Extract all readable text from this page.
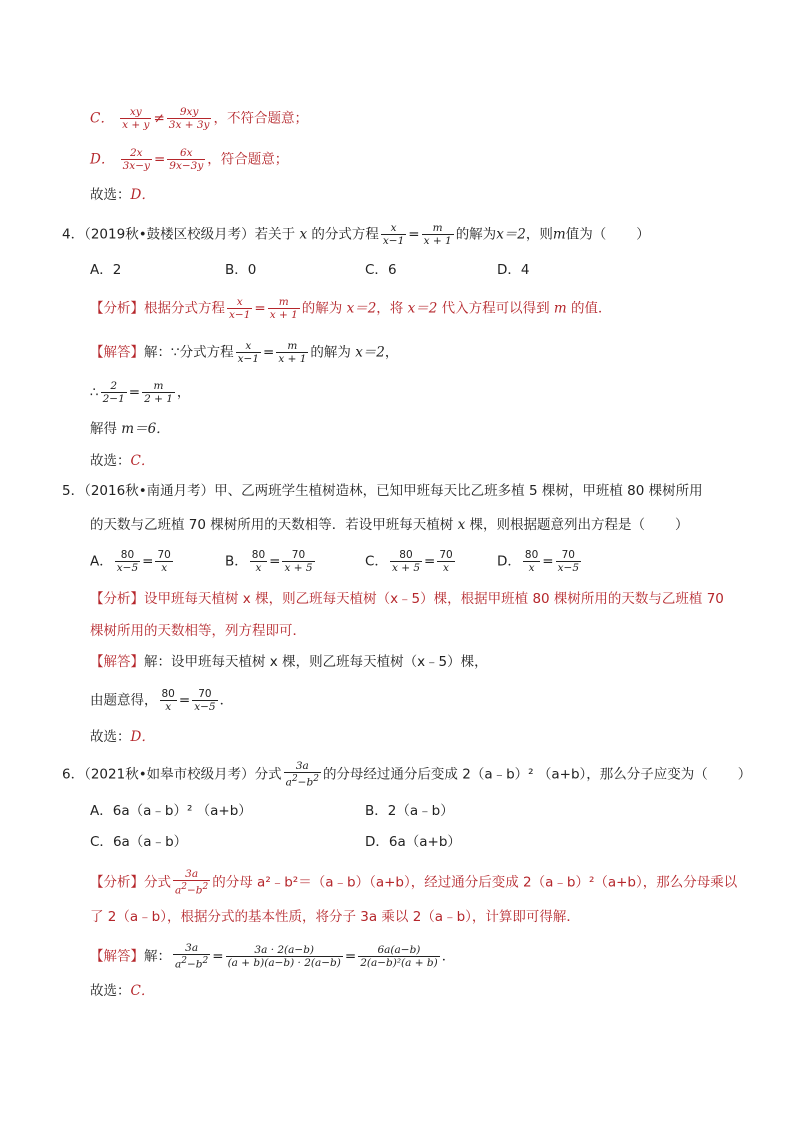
C． $\frac{xy}{x + y} \ne \frac{9xy}{3x + 3y}$ ，不符合题意；
D． $\frac{2x}{3x-y} = \frac{6x}{9x-3y}$ ，符合题意；
故选：D．
4．（2019秋•鼓楼区校级月考）若关于 x 的分式方程 $\frac{x}{x-1} = \frac{m}{x + 1}$ 的解为x＝2，则m值为（ ）
A．2	B．0	C．6	D．4
【分析】根据分式方程 $\frac{x}{x-1} = \frac{m}{x + 1}$ 的解为 x＝2，将 x＝2 代入方程可以得到 m 的值．
【解答】解：∵分式方程 $\frac{x}{x-1} = \frac{m}{x + 1}$ 的解为 x＝2，
∴ $\frac{2}{2-1} = \frac{m}{2 + 1}$ ，
解得 m＝6．
故选：C．
5．（2016秋•南通月考）甲、乙两班学生植树造林，已知甲班每天比乙班多植 5 棵树，甲班植 80 棵树所用
的天数与乙班植 70 棵树所用的天数相等．若设甲班每天植树 x 棵，则根据题意列出方程是（ ）
A． $\frac{80}{x-5} = \frac{70}{x}$	B． $\frac{80}{x} = \frac{70}{x + 5}$	C． $\frac{80}{x + 5} = \frac{70}{x}$	D． $\frac{80}{x} = \frac{70}{x-5}$
【分析】设甲班每天植树 x 棵，则乙班每天植树（x﹣5）棵，根据甲班植 80 棵树所用的天数与乙班植 70
棵树所用的天数相等，列方程即可．
【解答】解：设甲班每天植树 x 棵，则乙班每天植树（x﹣5）棵，
由题意得， $\frac{80}{x} = \frac{70}{x-5}$ ．
故选：D．
6．（2021秋•如皋市校级月考）分式 $\frac{3a}{a^2-b^2}$ 的分母经过通分后变成 2（a﹣b）² （a+b），那么分子应变为（ ）
A．6a（a﹣b）² （a+b）	B．2（a﹣b）
C．6a（a﹣b）	D．6a（a+b）
【分析】分式 $\frac{3a}{a^2-b^2}$ 的分母 a²﹣b²＝（a﹣b）（a+b），经过通分后变成 2（a﹣b）²（a+b），那么分母乘以
了 2（a﹣b），根据分式的基本性质，将分子 3a 乘以 2（a﹣b），计算即可得解．
【解答】解： $\frac{3a}{a^2-b^2} = \frac{3a \cdot 2(a-b)}{(a + b)(a-b) \cdot 2(a-b)} = \frac{6a(a-b)}{\text{2(a−b)²(a + b)}}$ ．
故选：C．
